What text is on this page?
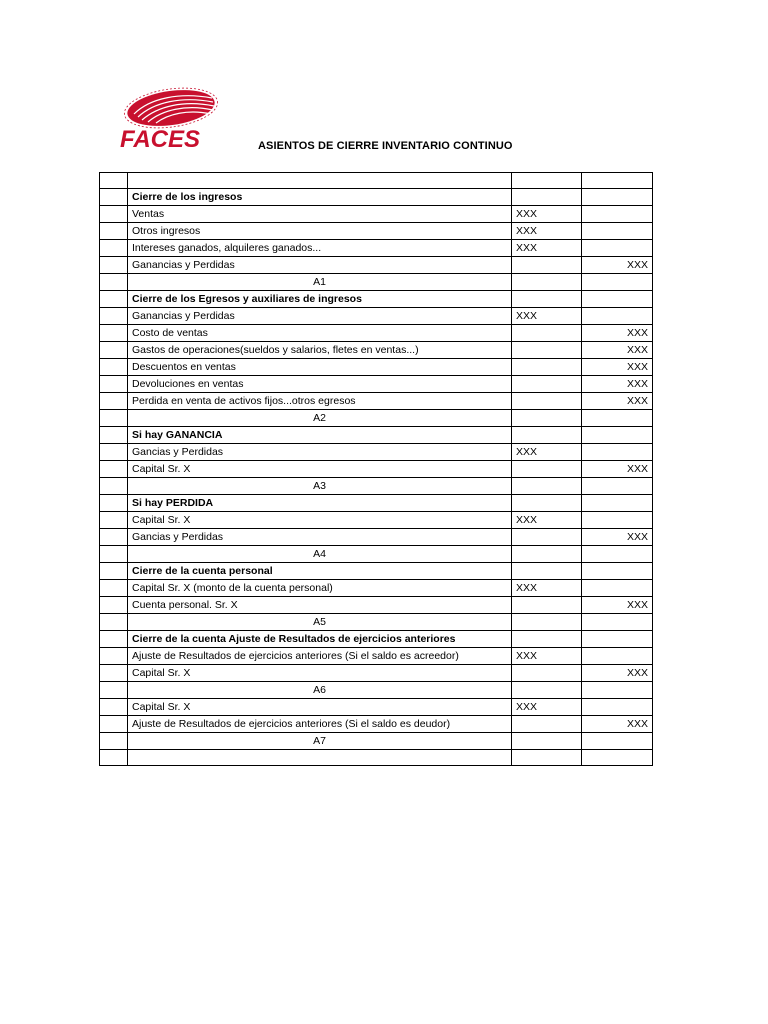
FACES	ASIENTOS DE CIERRE INVENTARIO CONTINUO

	Cierre de los ingresos		
	Ventas	XXX	
	Otros ingresos	XXX	
	Intereses ganados, alquileres ganados...	XXX	
	Ganancias y Perdidas		XXX
	A1		
	Cierre de los Egresos y auxiliares de ingresos		
	Ganancias y Perdidas	XXX	
	Costo de ventas		XXX
	Gastos de operaciones(sueldos y salarios, fletes en ventas...)		XXX
	Descuentos en ventas		XXX
	Devoluciones en ventas		XXX
	Perdida en venta de activos fijos...otros egresos		XXX
	A2		
	Si hay GANANCIA		
	Gancias y Perdidas	XXX	
	Capital Sr. X		XXX
	A3		
	Si hay PERDIDA		
	Capital Sr. X	XXX	
	Gancias y Perdidas		XXX
	A4		
	Cierre de la cuenta personal		
	Capital Sr. X (monto de la cuenta personal)	XXX	
	Cuenta personal. Sr. X		XXX
	A5		
	Cierre de la cuenta Ajuste de Resultados de ejercicios anteriores		
	Ajuste de Resultados de ejercicios anteriores (Si el saldo es acreedor)	XXX	
	Capital Sr. X		XXX
	A6		
	Capital Sr. X	XXX	
	Ajuste de Resultados de ejercicios anteriores (Si el saldo es deudor)		XXX
	A7		
